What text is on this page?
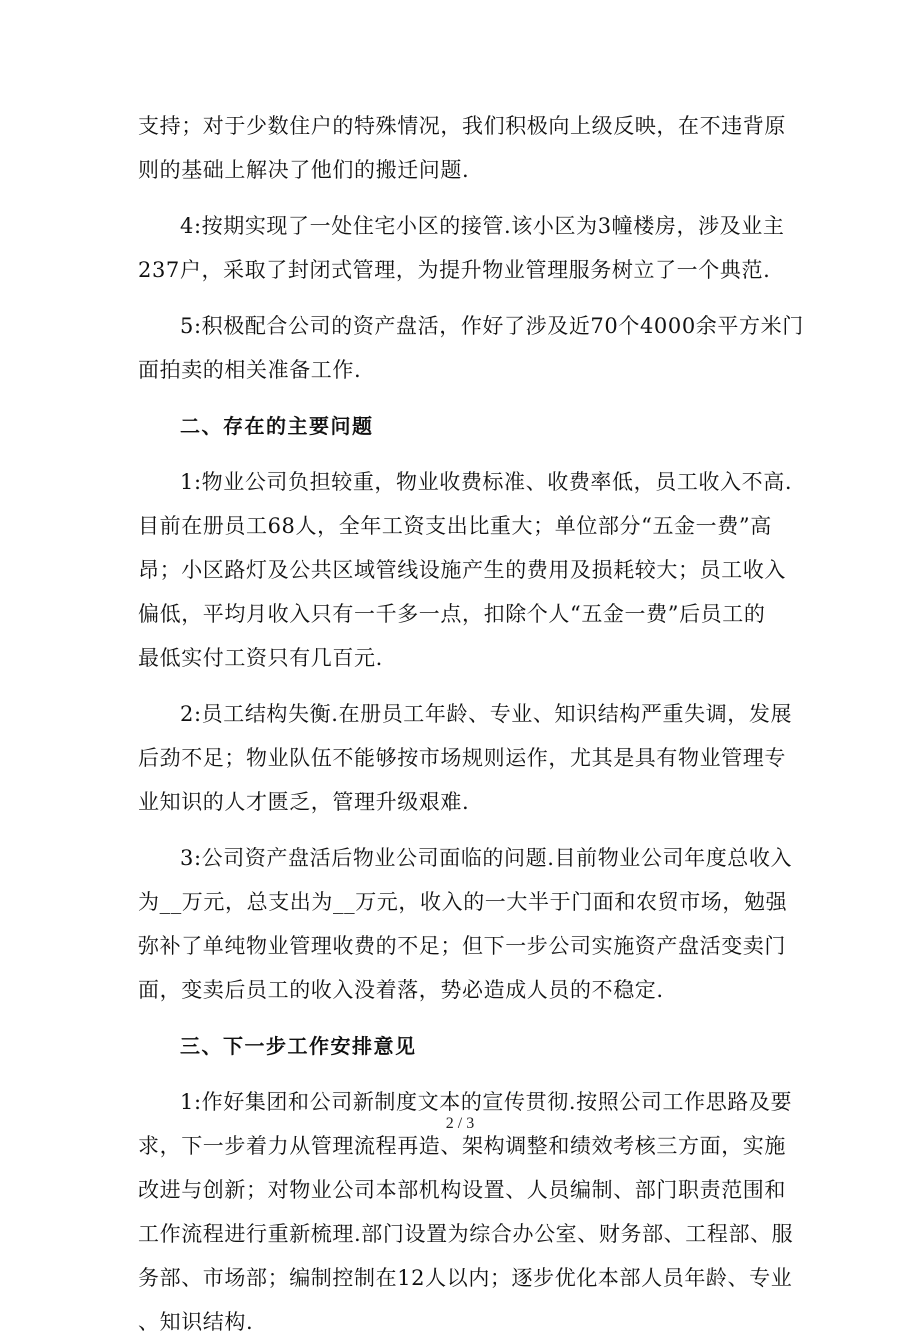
支持；对于少数住户的特殊情况，我们积极向上级反映，在不违背原
则的基础上解决了他们的搬迁问题.
4:按期实现了一处住宅小区的接管.该小区为3幢楼房，涉及业主
237户，采取了封闭式管理，为提升物业管理服务树立了一个典范.
5:积极配合公司的资产盘活，作好了涉及近70个4000余平方米门
面拍卖的相关准备工作.
二、存在的主要问题
1:物业公司负担较重，物业收费标准、收费率低，员工收入不高.
目前在册员工68人，全年工资支出比重大；单位部分“五金一费”高
昂；小区路灯及公共区域管线设施产生的费用及损耗较大；员工收入
偏低，平均月收入只有一千多一点，扣除个人“五金一费”后员工的
最低实付工资只有几百元.
2:员工结构失衡.在册员工年龄、专业、知识结构严重失调，发展
后劲不足；物业队伍不能够按市场规则运作，尤其是具有物业管理专
业知识的人才匮乏，管理升级艰难.
3:公司资产盘活后物业公司面临的问题.目前物业公司年度总收入
为__万元，总支出为__万元，收入的一大半于门面和农贸市场，勉强
弥补了单纯物业管理收费的不足；但下一步公司实施资产盘活变卖门
面，变卖后员工的收入没着落，势必造成人员的不稳定.
三、下一步工作安排意见
1:作好集团和公司新制度文本的宣传贯彻.按照公司工作思路及要
求，下一步着力从管理流程再造、架构调整和绩效考核三方面，实施
改进与创新；对物业公司本部机构设置、人员编制、部门职责范围和
工作流程进行重新梳理.部门设置为综合办公室、财务部、工程部、服
务部、市场部；编制控制在12人以内；逐步优化本部人员年龄、专业
、知识结构.
2 / 3
